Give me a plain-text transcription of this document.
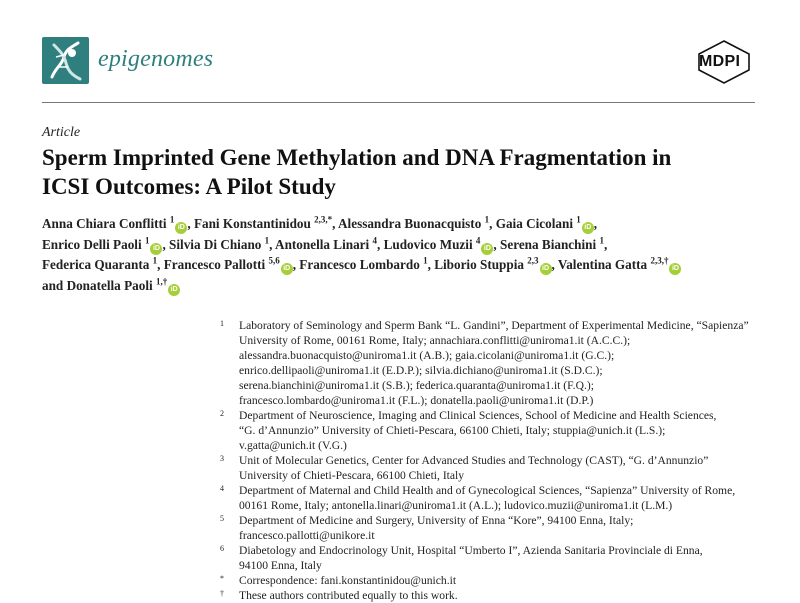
epigenomes	MDPI
Article
Sperm Imprinted Gene Methylation and DNA Fragmentation in
ICSI Outcomes: A Pilot Study
Anna Chiara Conflitti $^1$iD , Fani Konstantinidou $^{2,3,*}$, Alessandra Buonacquisto $^1$, Gaia Cicolani $^1$iD ,
Enrico Delli Paoli $^1$iD , Silvia Di Chiano $^1$, Antonella Linari $^4$, Ludovico Muzii $^4$iD , Serena Bianchini $^1$,
Federica Quaranta $^1$, Francesco Pallotti $^{5,6}$iD , Francesco Lombardo $^1$, Liborio Stuppia $^{2,3}$iD , Valentina Gatta $^{2,3,\dagger}$iD
and Donatella Paoli $^{1,\dagger}$iD
1 Laboratory of Seminology and Sperm Bank “L. Gandini”, Department of Experimental Medicine, “Sapienza”
University of Rome, 00161 Rome, Italy; annachiara.conflitti@uniroma1.it (A.C.C.);
alessandra.buonacquisto@uniroma1.it (A.B.); gaia.cicolani@uniroma1.it (G.C.);
enrico.dellipaoli@uniroma1.it (E.D.P.); silvia.dichiano@uniroma1.it (S.D.C.);
serena.bianchini@uniroma1.it (S.B.); federica.quaranta@uniroma1.it (F.Q.);
francesco.lombardo@uniroma1.it (F.L.); donatella.paoli@uniroma1.it (D.P.)
2 Department of Neuroscience, Imaging and Clinical Sciences, School of Medicine and Health Sciences,
“G. d’Annunzio” University of Chieti-Pescara, 66100 Chieti, Italy; stuppia@unich.it (L.S.);
v.gatta@unich.it (V.G.)
3 Unit of Molecular Genetics, Center for Advanced Studies and Technology (CAST), “G. d’Annunzio”
University of Chieti-Pescara, 66100 Chieti, Italy
4 Department of Maternal and Child Health and of Gynecological Sciences, “Sapienza” University of Rome,
00161 Rome, Italy; antonella.linari@uniroma1.it (A.L.); ludovico.muzii@uniroma1.it (L.M.)
5 Department of Medicine and Surgery, University of Enna “Kore”, 94100 Enna, Italy;
francesco.pallotti@unikore.it
6 Diabetology and Endocrinology Unit, Hospital “Umberto I”, Azienda Sanitaria Provinciale di Enna,
94100 Enna, Italy
* Correspondence: fani.konstantinidou@unich.it
† These authors contributed equally to this work.
